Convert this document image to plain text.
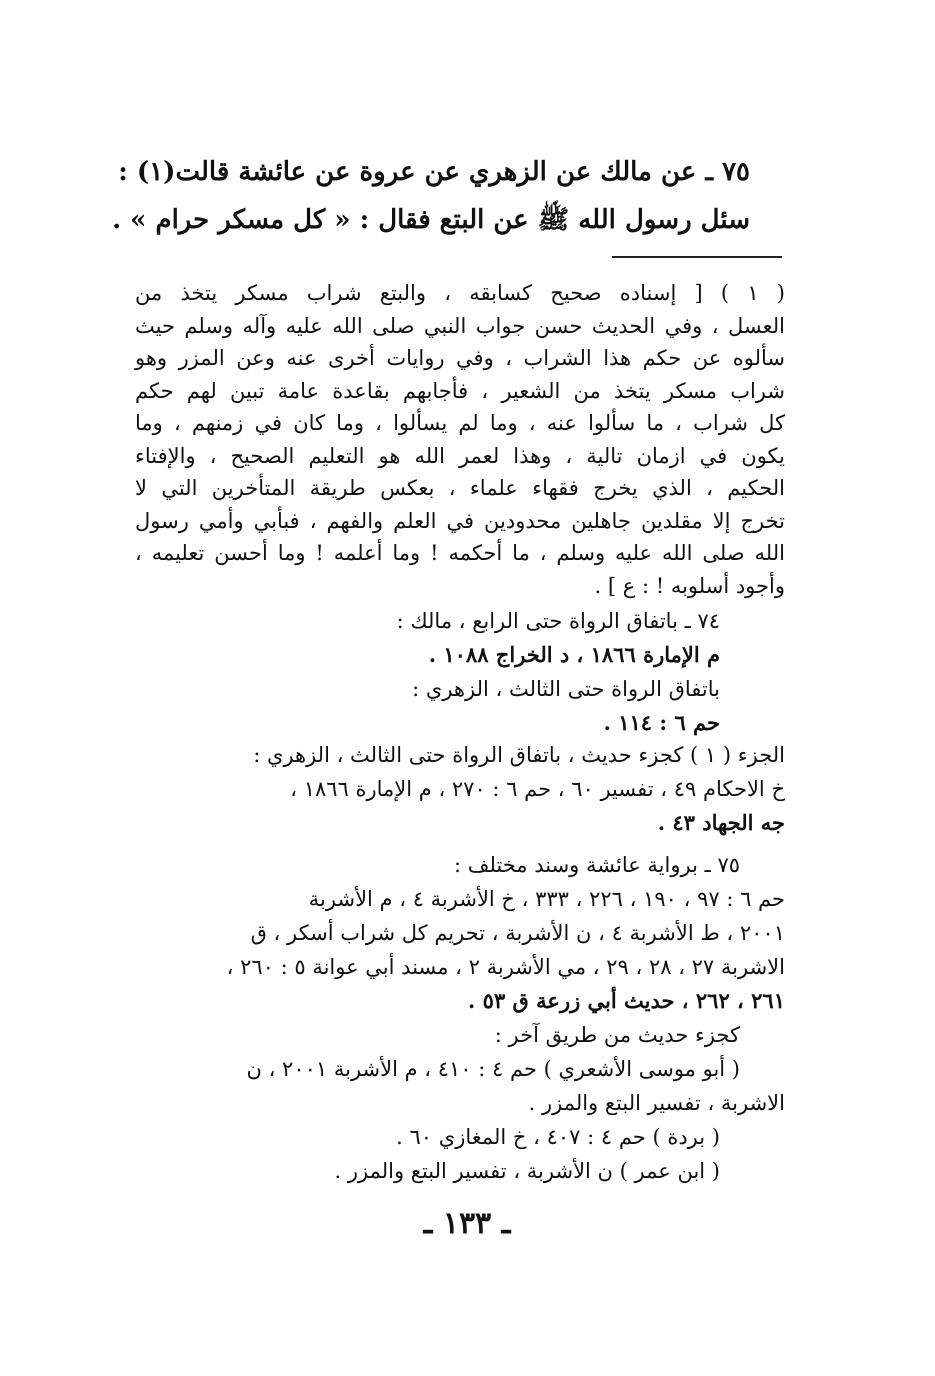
٧٥ ـ عن مالك عن الزهري عن عروة عن عائشة قالت(١) :
سئل رسول الله ﷺ عن البتع فقال : « كل مسكر حرام » .
( ١ ) [ إسناده صحيح كسابقه ، والبتع شراب مسكر يتخذ من
العسل ، وفي الحديث حسن جواب النبي صلى الله عليه وآله وسلم حيث
سألوه عن حكم هذا الشراب ، وفي روايات أخرى عنه وعن المزر وهو
شراب مسكر يتخذ من الشعير ، فأجابهم بقاعدة عامة تبين لهم حكم
كل شراب ، ما سألوا عنه ، وما لم يسألوا ، وما كان في زمنهم ، وما
يكون في ازمان تالية ، وهذا لعمر الله هو التعليم الصحيح ، والإفتاء
الحكيم ، الذي يخرج فقهاء علماء ، بعكس طريقة المتأخرين التي لا
تخرج إلا مقلدين جاهلين محدودين في العلم والفهم ، فبأبي وأمي رسول
الله صلى الله عليه وسلم ، ما أحكمه ! وما أعلمه ! وما أحسن تعليمه ،
وأجود أسلوبه ! : ع ] .
٧٤ ـ باتفاق الرواة حتى الرابع ، مالك :
م الإمارة ١٨٦٦ ، د الخراج ١٠٨٨ .
باتفاق الرواة حتى الثالث ، الزهري :
حم ٦ : ١١٤ .
الجزء ( ١ ) كجزء حديث ، باتفاق الرواة حتى الثالث ، الزهري :
خ الاحكام ٤٩ ، تفسير ٦٠ ، حم ٦ : ٢٧٠ ، م الإمارة ١٨٦٦ ،
جه الجهاد ٤٣ .
٧٥ ـ برواية عائشة وسند مختلف :
حم ٦ : ٩٧ ، ١٩٠ ، ٢٢٦ ، ٣٣٣ ، خ الأشربة ٤ ، م الأشربة
٢٠٠١ ، ط الأشربة ٤ ، ن الأشربة ، تحريم كل شراب أسكر ، ق
الاشربة ٢٧ ، ٢٨ ، ٢٩ ، مي الأشربة ٢ ، مسند أبي عوانة ٥ : ٢٦٠ ،
٢٦١ ، ٢٦٢ ، حديث أبي زرعة ق ٥٣ .
كجزء حديث من طريق آخر :
( أبو موسى الأشعري ) حم ٤ : ٤١٠ ، م الأشربة ٢٠٠١ ، ن
الاشربة ، تفسير البتع والمزر .
( بردة ) حم ٤ : ٤٠٧ ، خ المغازي ٦٠ .
( ابن عمر ) ن الأشربة ، تفسير البتع والمزر .
ـ ١٣٣ ـ
